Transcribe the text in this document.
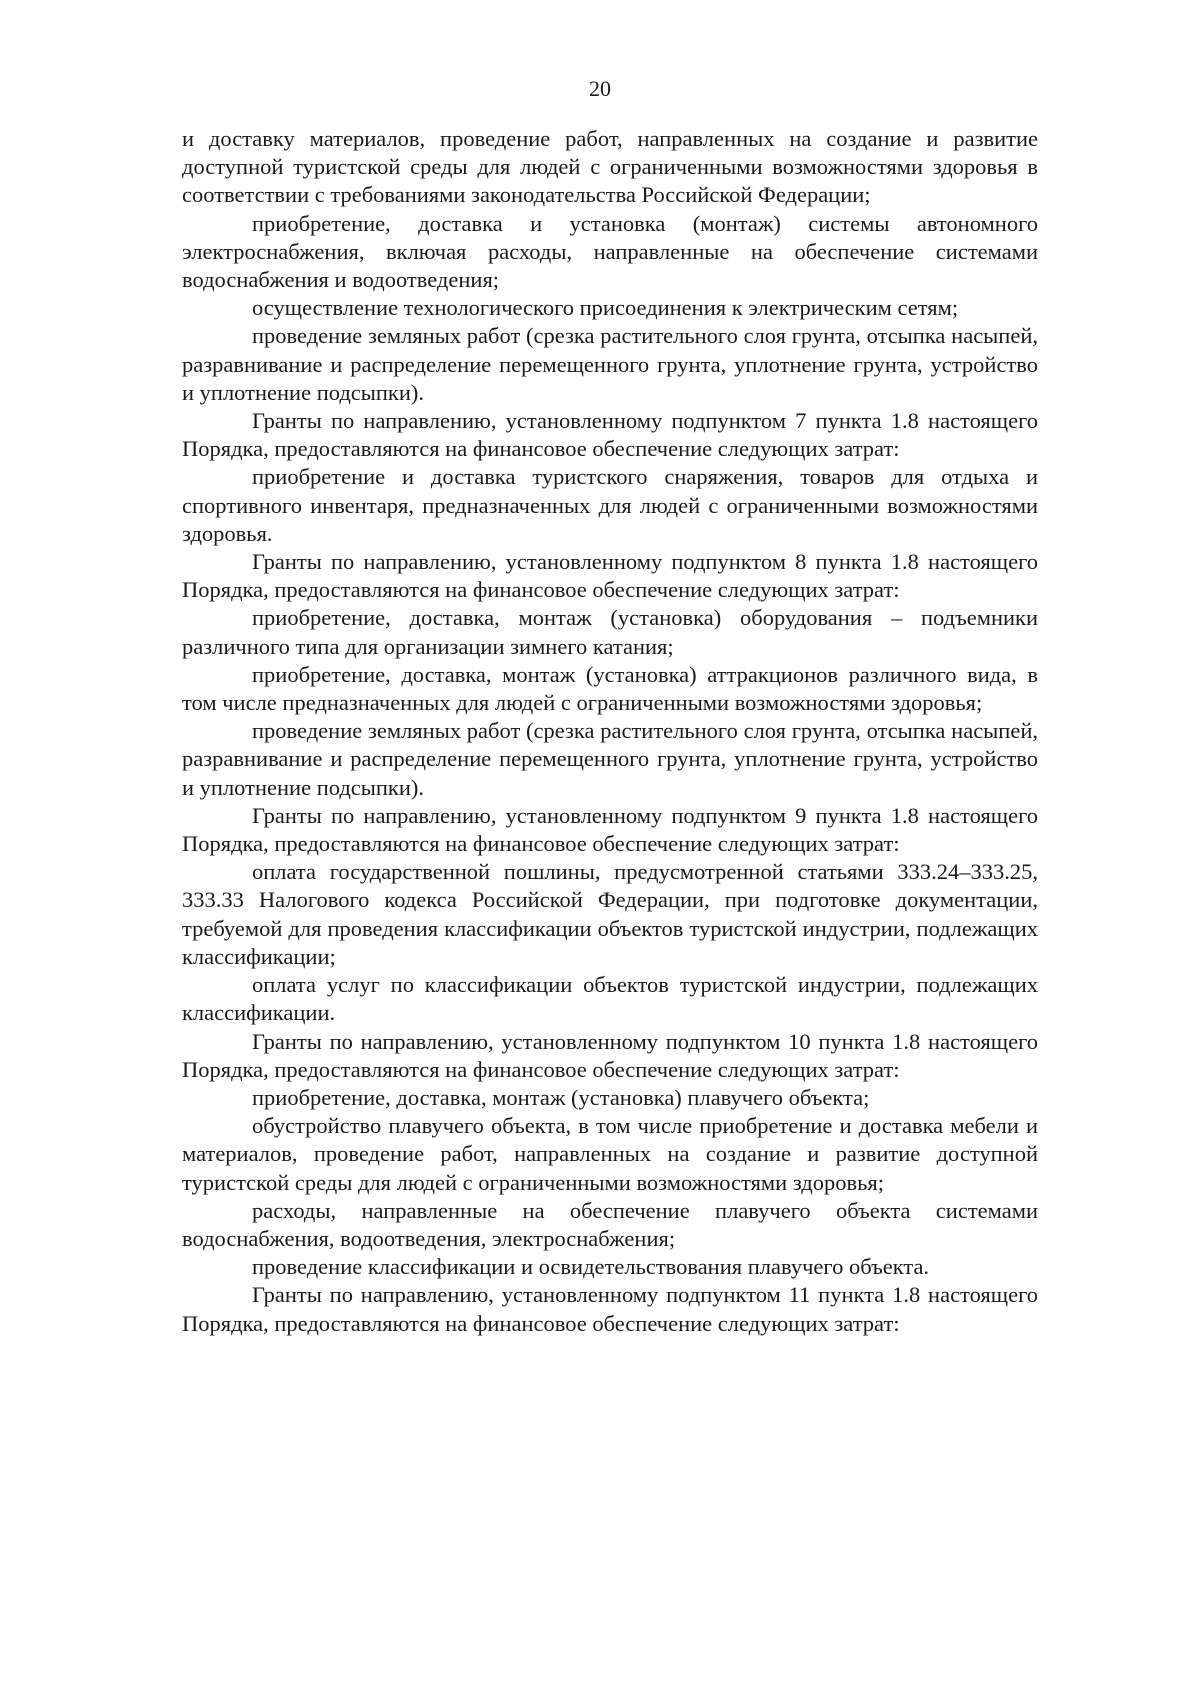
20

и доставку материалов, проведение работ, направленных на создание и развитие доступной туристской среды для людей с ограниченными возможностями здоровья в соответствии с требованиями законодательства Российской Федерации;

приобретение, доставка и установка (монтаж) системы автономного электроснабжения, включая расходы, направленные на обеспечение системами водоснабжения и водоотведения;

осуществление технологического присоединения к электрическим сетям;

проведение земляных работ (срезка растительного слоя грунта, отсыпка насыпей, разравнивание и распределение перемещенного грунта, уплотнение грунта, устройство и уплотнение подсыпки).

Гранты по направлению, установленному подпунктом 7 пункта 1.8 настоящего Порядка, предоставляются на финансовое обеспечение следующих затрат:

приобретение и доставка туристского снаряжения, товаров для отдыха и спортивного инвентаря, предназначенных для людей с ограниченными возможностями здоровья.

Гранты по направлению, установленному подпунктом 8 пункта 1.8 настоящего Порядка, предоставляются на финансовое обеспечение следующих затрат:

приобретение, доставка, монтаж (установка) оборудования – подъемники различного типа для организации зимнего катания;

приобретение, доставка, монтаж (установка) аттракционов различного вида, в том числе предназначенных для людей с ограниченными возможностями здоровья;

проведение земляных работ (срезка растительного слоя грунта, отсыпка насыпей, разравнивание и распределение перемещенного грунта, уплотнение грунта, устройство и уплотнение подсыпки).

Гранты по направлению, установленному подпунктом 9 пункта 1.8 настоящего Порядка, предоставляются на финансовое обеспечение следующих затрат:

оплата государственной пошлины, предусмотренной статьями 333.24–333.25, 333.33 Налогового кодекса Российской Федерации, при подготовке документации, требуемой для проведения классификации объектов туристской индустрии, подлежащих классификации;

оплата услуг по классификации объектов туристской индустрии, подлежащих классификации.

Гранты по направлению, установленному подпунктом 10 пункта 1.8 настоящего Порядка, предоставляются на финансовое обеспечение следующих затрат:

приобретение, доставка, монтаж (установка) плавучего объекта;

обустройство плавучего объекта, в том числе приобретение и доставка мебели и материалов, проведение работ, направленных на создание и развитие доступной туристской среды для людей с ограниченными возможностями здоровья;

расходы, направленные на обеспечение плавучего объекта системами водоснабжения, водоотведения, электроснабжения;

проведение классификации и освидетельствования плавучего объекта.

Гранты по направлению, установленному подпунктом 11 пункта 1.8 настоящего Порядка, предоставляются на финансовое обеспечение следующих затрат:
